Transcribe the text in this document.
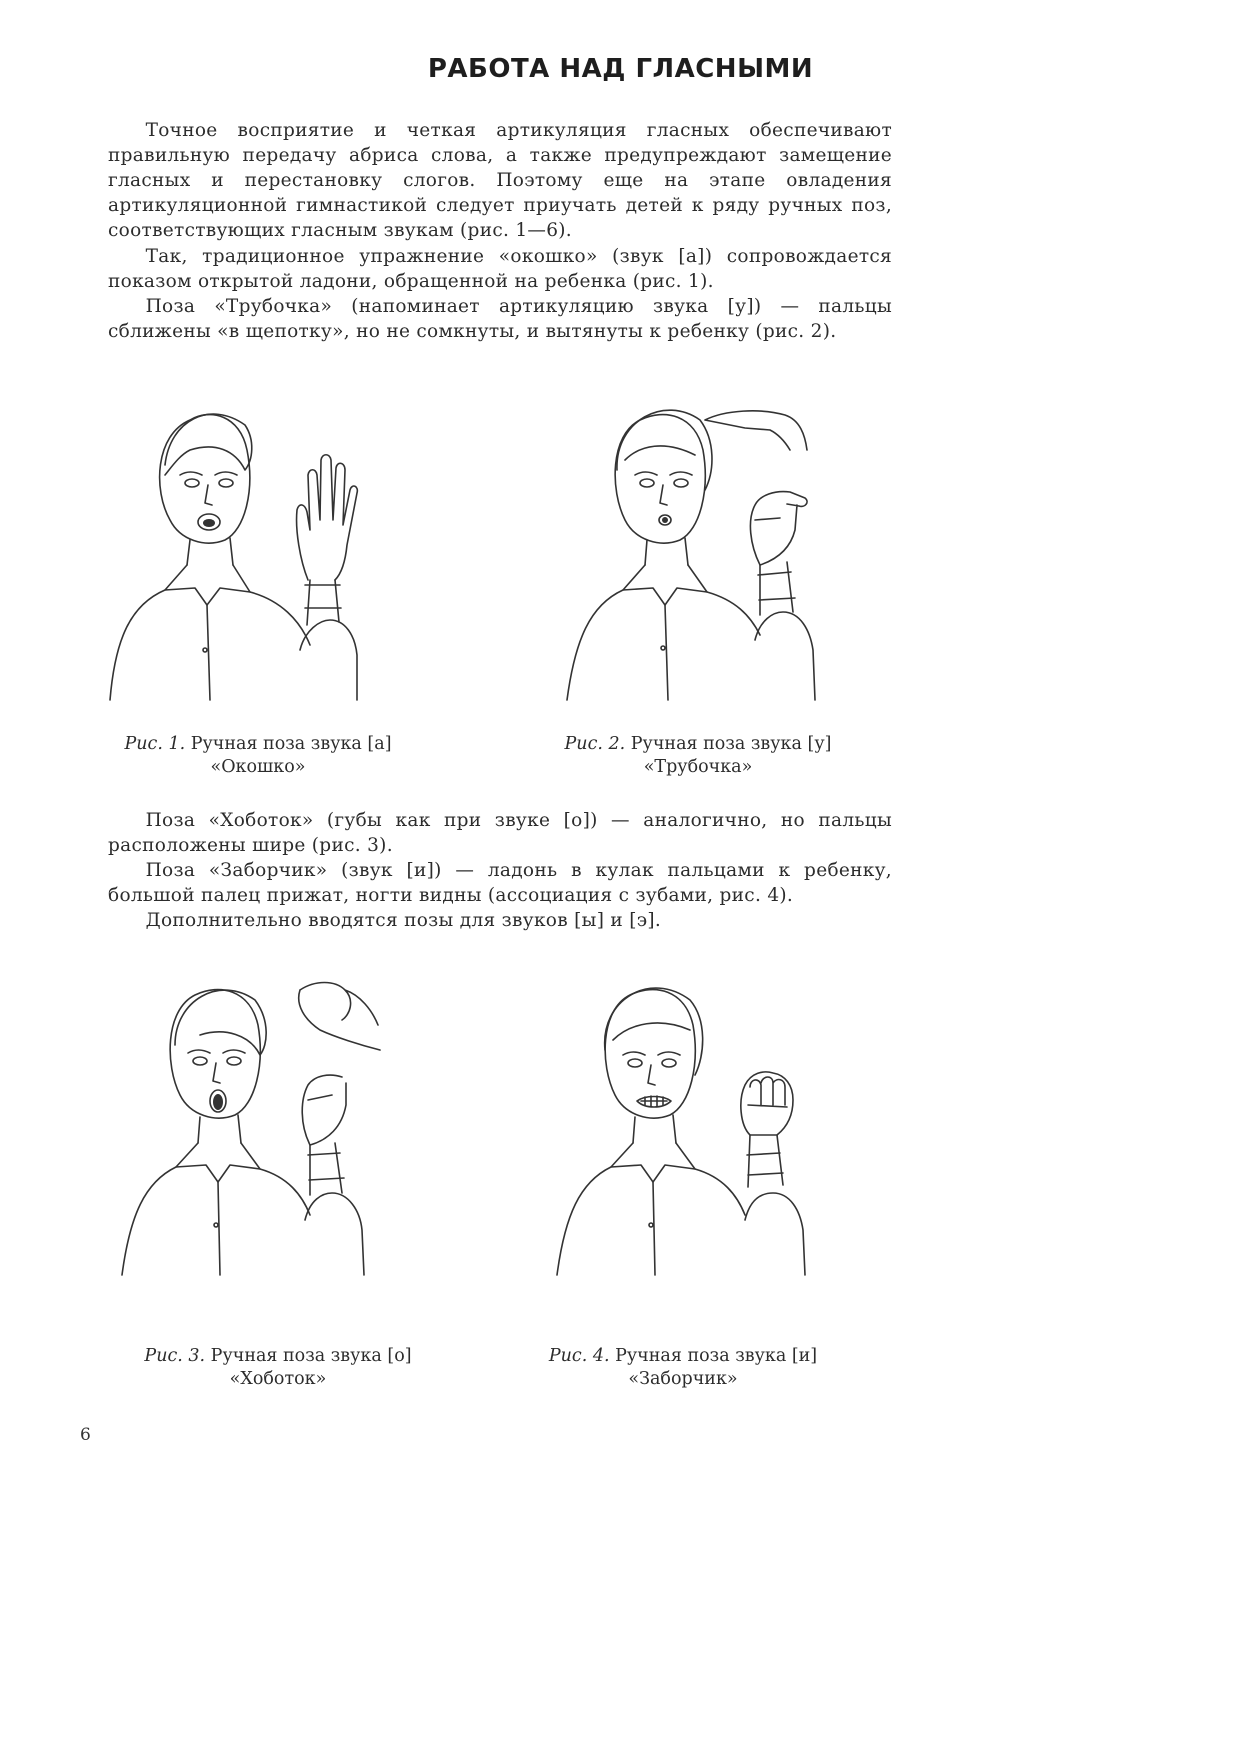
РАБОТА НАД ГЛАСНЫМИ

  Точное восприятие и четкая артикуляция гласных обеспечивают правильную передачу абриса слова, а также предупреждают замещение гласных и перестановку слогов. Поэтому еще на этапе овладения артикуляционной гимнастикой следует приучать детей к ряду ручных поз, соответствующих гласным звукам (рис. 1—6).

  Так, традиционное упражнение «окошко» (звук [а]) сопровождается показом открытой ладони, обращенной на ребенка (рис. 1).

  Поза «Трубочка» (напоминает артикуляцию звука [у]) — пальцы сближены «в щепотку», но не сомкнуты, и вытянуты к ребенку (рис. 2).

Рис. 1. Ручная поза звука [а]
«Окошко»
Рис. 2. Ручная поза звука [у]
«Трубочка»

  Поза «Хоботок» (губы как при звуке [о]) — аналогично, но пальцы расположены шире (рис. 3).

  Поза «Заборчик» (звук [и]) — ладонь в кулак пальцами к ребенку, большой палец прижат, ногти видны (ассоциация с зубами, рис. 4).

  Дополнительно вводятся позы для звуков [ы] и [э].

Рис. 3. Ручная поза звука [о]
«Хоботок»
Рис. 4. Ручная поза звука [и]
«Заборчик»
6
